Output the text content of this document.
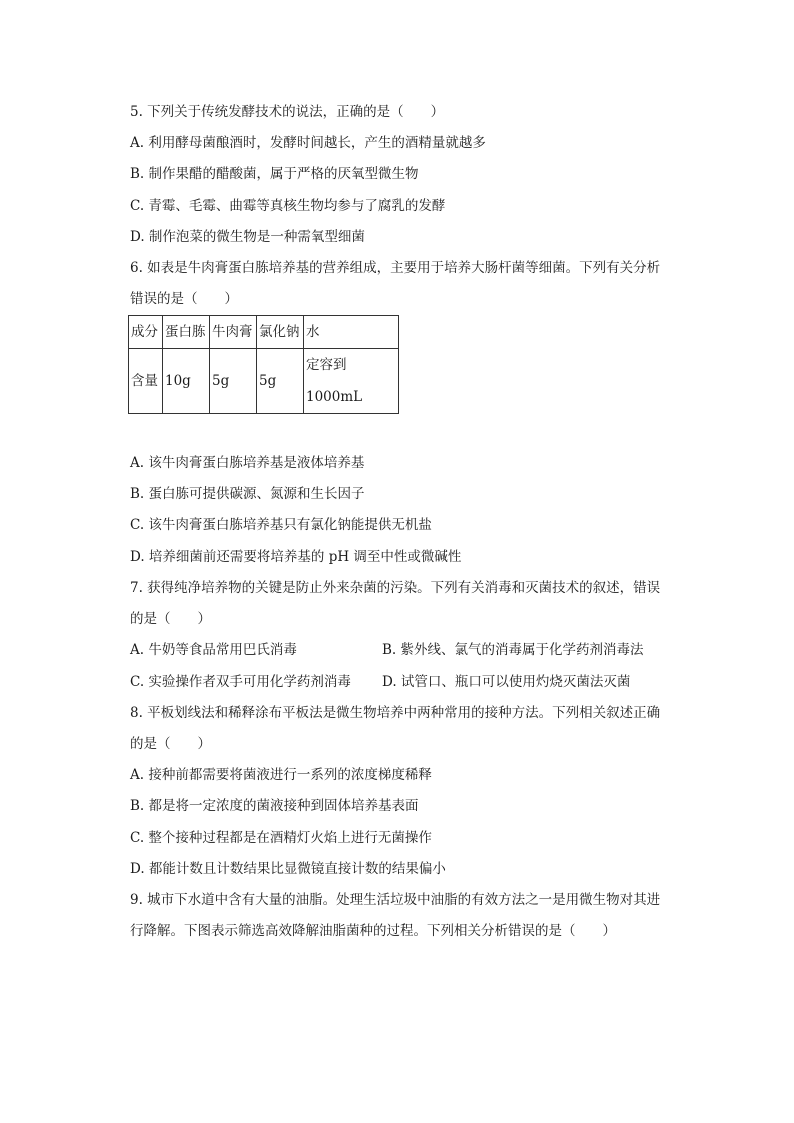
5. 下列关于传统发酵技术的说法，正确的是（　　）
A. 利用酵母菌酿酒时，发酵时间越长，产生的酒精量就越多
B. 制作果醋的醋酸菌，属于严格的厌氧型微生物
C. 青霉、毛霉、曲霉等真核生物均参与了腐乳的发酵
D. 制作泡菜的微生物是一种需氧型细菌
6. 如表是牛肉膏蛋白胨培养基的营养组成，主要用于培养大肠杆菌等细菌。下列有关分析
错误的是（　　）
成分	蛋白胨	牛肉膏	氯化钠	水
含量	10g	5g	5g	定容到
1000mL
A. 该牛肉膏蛋白胨培养基是液体培养基
B. 蛋白胨可提供碳源、氮源和生长因子
C. 该牛肉膏蛋白胨培养基只有氯化钠能提供无机盐
D. 培养细菌前还需要将培养基的 pH 调至中性或微碱性
7. 获得纯净培养物的关键是防止外来杂菌的污染。下列有关消毒和灭菌技术的叙述，错误
的是（　　）
A. 牛奶等食品常用巴氏消毒	B. 紫外线、氯气的消毒属于化学药剂消毒法
C. 实验操作者双手可用化学药剂消毒 D. 试管口、瓶口可以使用灼烧灭菌法灭菌
8. 平板划线法和稀释涂布平板法是微生物培养中两种常用的接种方法。下列相关叙述正确
的是（　　）
A. 接种前都需要将菌液进行一系列的浓度梯度稀释
B. 都是将一定浓度的菌液接种到固体培养基表面
C. 整个接种过程都是在酒精灯火焰上进行无菌操作
D. 都能计数且计数结果比显微镜直接计数的结果偏小
9. 城市下水道中含有大量的油脂。处理生活垃圾中油脂的有效方法之一是用微生物对其进
行降解。下图表示筛选高效降解油脂菌种的过程。下列相关分析错误的是（　　）
